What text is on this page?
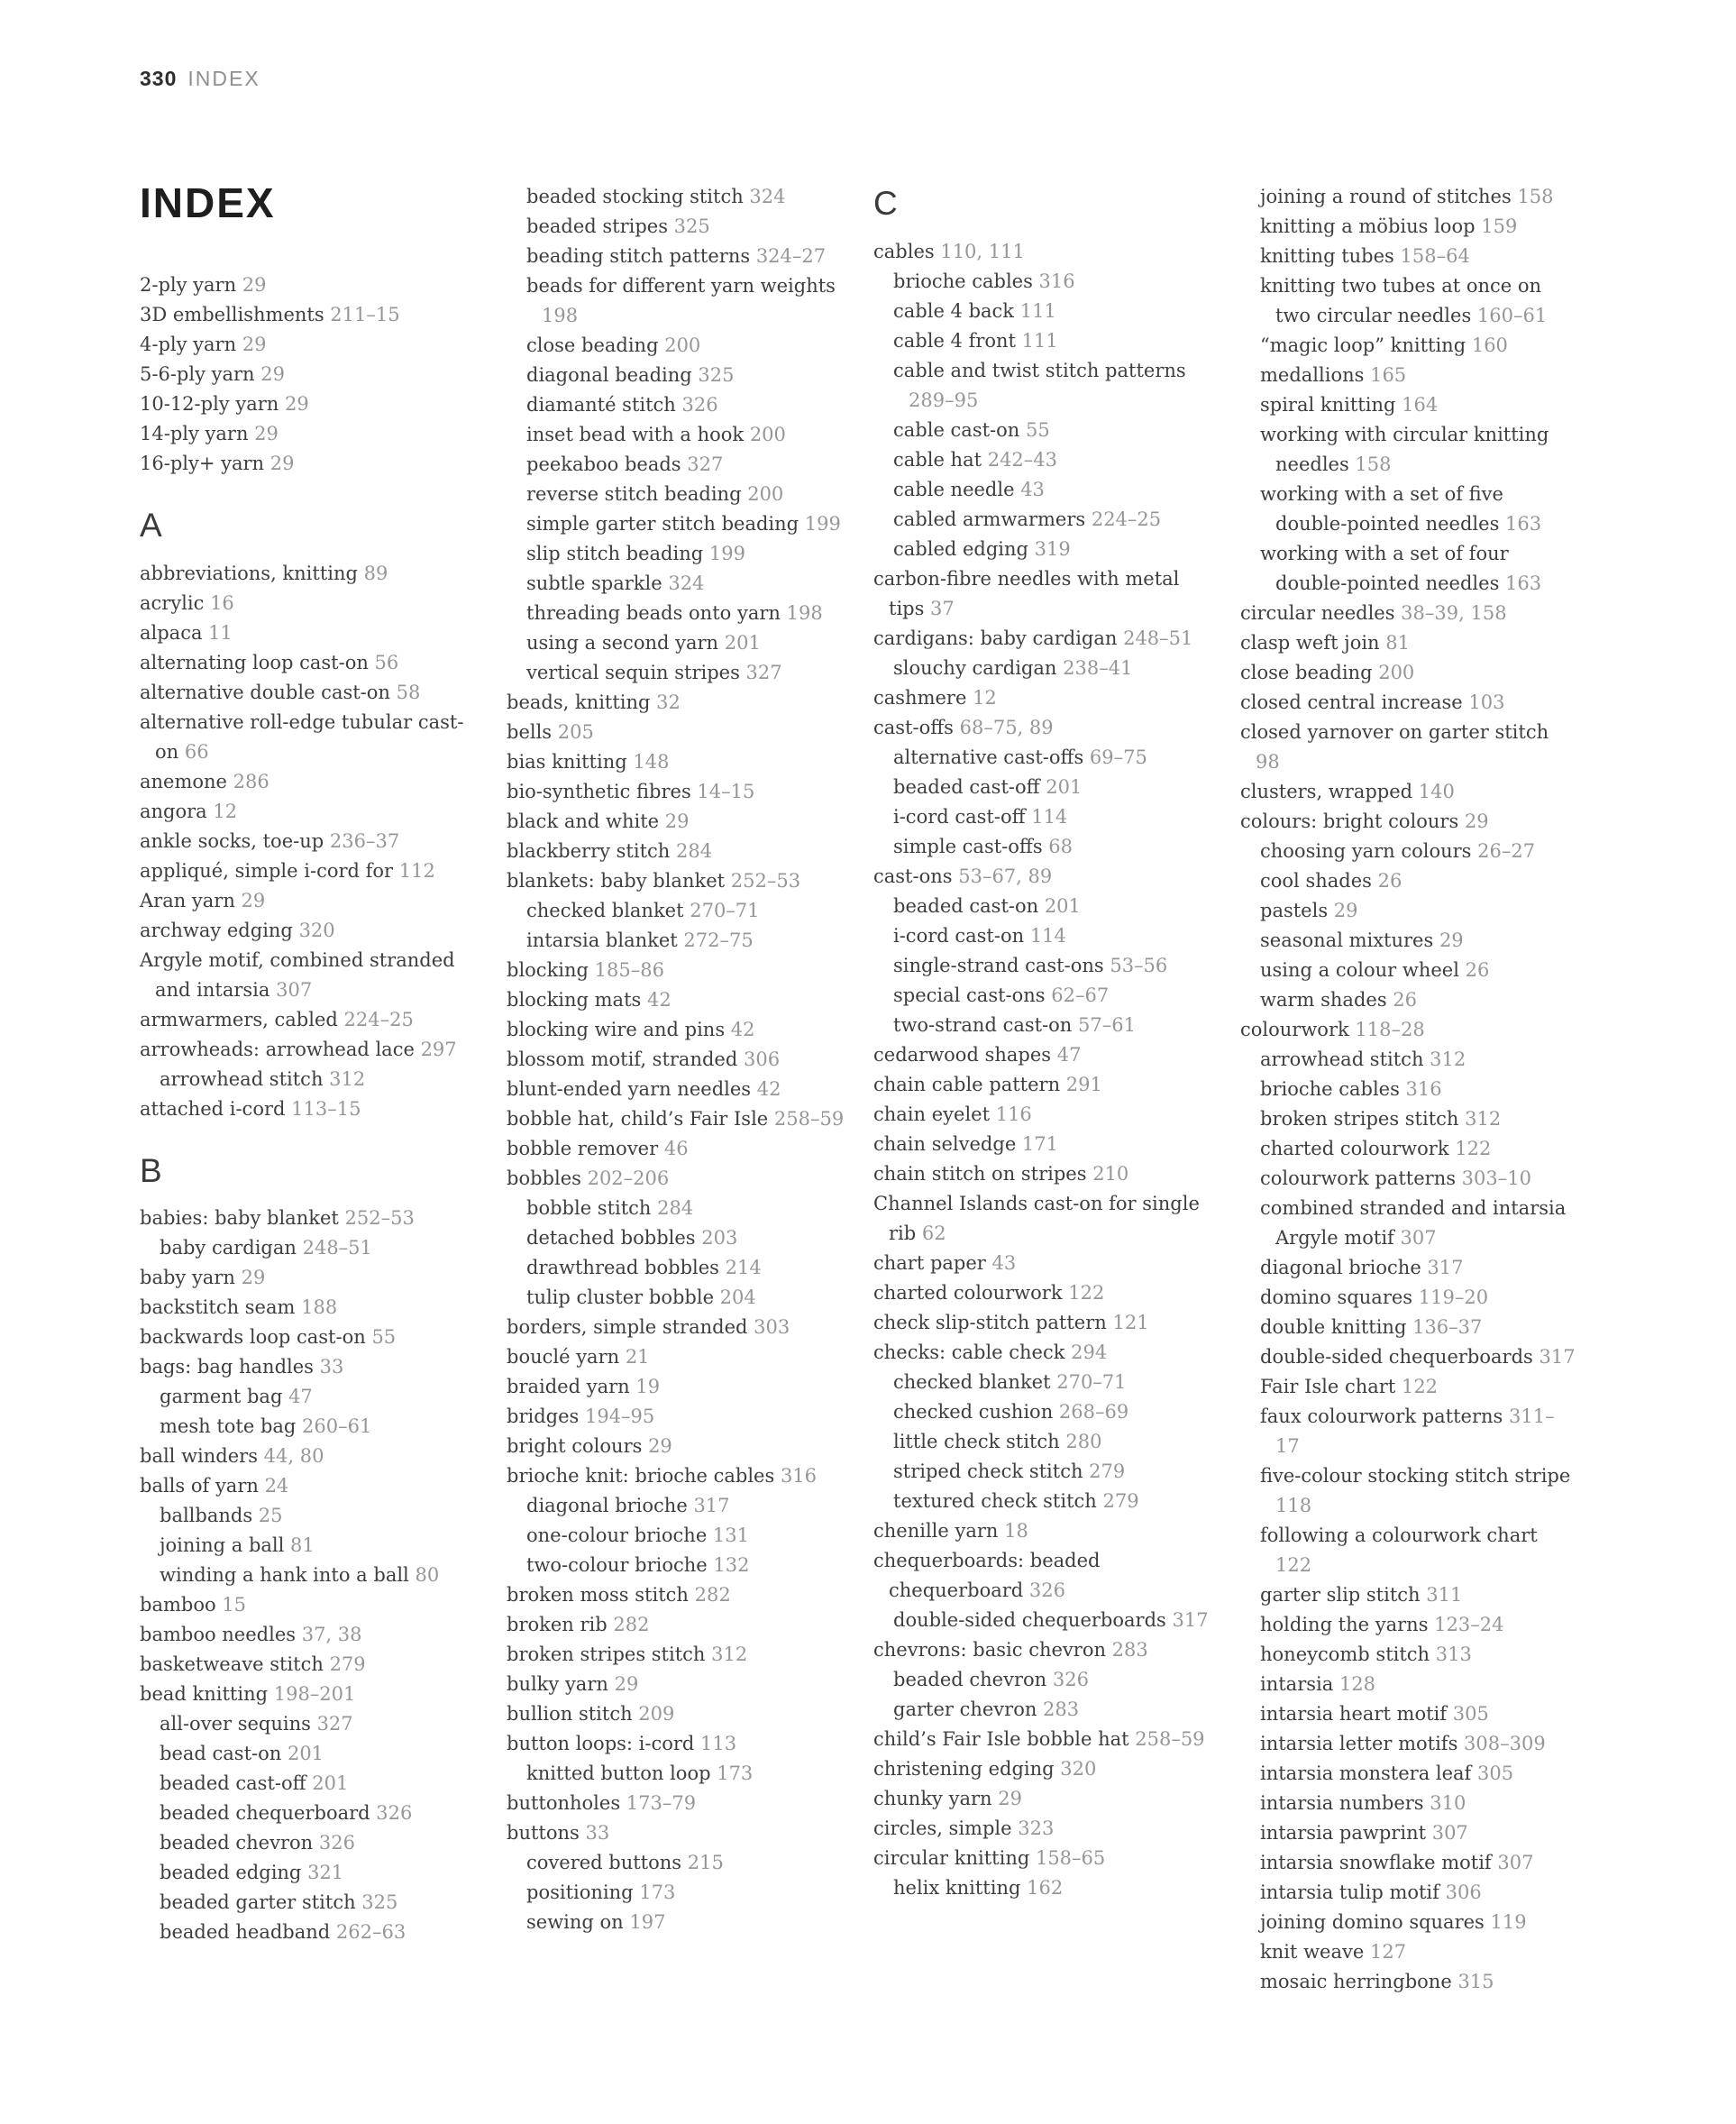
330 INDEX
INDEX
2-ply yarn 29
3D embellishments 211–15
4-ply yarn 29
5-6-ply yarn 29
10-12-ply yarn 29
14-ply yarn 29
16-ply+ yarn 29
A
abbreviations, knitting 89
acrylic 16
alpaca 11
alternating loop cast-on 56
alternative double cast-on 58
alternative roll-edge tubular cast-on 66
anemone 286
angora 12
ankle socks, toe-up 236–37
appliqué, simple i-cord for 112
Aran yarn 29
archway edging 320
Argyle motif, combined stranded and intarsia 307
armwarmers, cabled 224–25
arrowheads: arrowhead lace 297
arrowhead stitch 312
attached i-cord 113–15
B
babies: baby blanket 252–53
baby cardigan 248–51
baby yarn 29
backstitch seam 188
backwards loop cast-on 55
bags: bag handles 33
garment bag 47
mesh tote bag 260–61
ball winders 44, 80
balls of yarn 24
ballbands 25
joining a ball 81
winding a hank into a ball 80
bamboo 15
bamboo needles 37, 38
basketweave stitch 279
bead knitting 198–201
all-over sequins 327
bead cast-on 201
beaded cast-off 201
beaded chequerboard 326
beaded chevron 326
beaded edging 321
beaded garter stitch 325
beaded headband 262–63
beaded stocking stitch 324
beaded stripes 325
beading stitch patterns 324–27
beads for different yarn weights 198
close beading 200
diagonal beading 325
diamanté stitch 326
inset bead with a hook 200
peekaboo beads 327
reverse stitch beading 200
simple garter stitch beading 199
slip stitch beading 199
subtle sparkle 324
threading beads onto yarn 198
using a second yarn 201
vertical sequin stripes 327
beads, knitting 32
bells 205
bias knitting 148
bio-synthetic fibres 14–15
black and white 29
blackberry stitch 284
blankets: baby blanket 252–53
checked blanket 270–71
intarsia blanket 272–75
blocking 185–86
blocking mats 42
blocking wire and pins 42
blossom motif, stranded 306
blunt-ended yarn needles 42
bobble hat, child’s Fair Isle 258–59
bobble remover 46
bobbles 202–206
bobble stitch 284
detached bobbles 203
drawthread bobbles 214
tulip cluster bobble 204
borders, simple stranded 303
bouclé yarn 21
braided yarn 19
bridges 194–95
bright colours 29
brioche knit: brioche cables 316
diagonal brioche 317
one-colour brioche 131
two-colour brioche 132
broken moss stitch 282
broken rib 282
broken stripes stitch 312
bulky yarn 29
bullion stitch 209
button loops: i-cord 113
knitted button loop 173
buttonholes 173–79
buttons 33
covered buttons 215
positioning 173
sewing on 197
C
cables 110, 111
brioche cables 316
cable 4 back 111
cable 4 front 111
cable and twist stitch patterns 289–95
cable cast-on 55
cable hat 242–43
cable needle 43
cabled armwarmers 224–25
cabled edging 319
carbon-fibre needles with metal tips 37
cardigans: baby cardigan 248–51
slouchy cardigan 238–41
cashmere 12
cast-offs 68–75, 89
alternative cast-offs 69–75
beaded cast-off 201
i-cord cast-off 114
simple cast-offs 68
cast-ons 53–67, 89
beaded cast-on 201
i-cord cast-on 114
single-strand cast-ons 53–56
special cast-ons 62–67
two-strand cast-on 57–61
cedarwood shapes 47
chain cable pattern 291
chain eyelet 116
chain selvedge 171
chain stitch on stripes 210
Channel Islands cast-on for single rib 62
chart paper 43
charted colourwork 122
check slip-stitch pattern 121
checks: cable check 294
checked blanket 270–71
checked cushion 268–69
little check stitch 280
striped check stitch 279
textured check stitch 279
chenille yarn 18
chequerboards: beaded chequerboard 326
double-sided chequerboards 317
chevrons: basic chevron 283
beaded chevron 326
garter chevron 283
child’s Fair Isle bobble hat 258–59
christening edging 320
chunky yarn 29
circles, simple 323
circular knitting 158–65
helix knitting 162
joining a round of stitches 158
knitting a möbius loop 159
knitting tubes 158–64
knitting two tubes at once on two circular needles 160–61
“magic loop” knitting 160
medallions 165
spiral knitting 164
working with circular knitting needles 158
working with a set of five double-pointed needles 163
working with a set of four double-pointed needles 163
circular needles 38–39, 158
clasp weft join 81
close beading 200
closed central increase 103
closed yarnover on garter stitch 98
clusters, wrapped 140
colours: bright colours 29
choosing yarn colours 26–27
cool shades 26
pastels 29
seasonal mixtures 29
using a colour wheel 26
warm shades 26
colourwork 118–28
arrowhead stitch 312
brioche cables 316
broken stripes stitch 312
charted colourwork 122
colourwork patterns 303–10
combined stranded and intarsia Argyle motif 307
diagonal brioche 317
domino squares 119–20
double knitting 136–37
double-sided chequerboards 317
Fair Isle chart 122
faux colourwork patterns 311–17
five-colour stocking stitch stripe 118
following a colourwork chart 122
garter slip stitch 311
holding the yarns 123–24
honeycomb stitch 313
intarsia 128
intarsia heart motif 305
intarsia letter motifs 308–309
intarsia monstera leaf 305
intarsia numbers 310
intarsia pawprint 307
intarsia snowflake motif 307
intarsia tulip motif 306
joining domino squares 119
knit weave 127
mosaic herringbone 315
